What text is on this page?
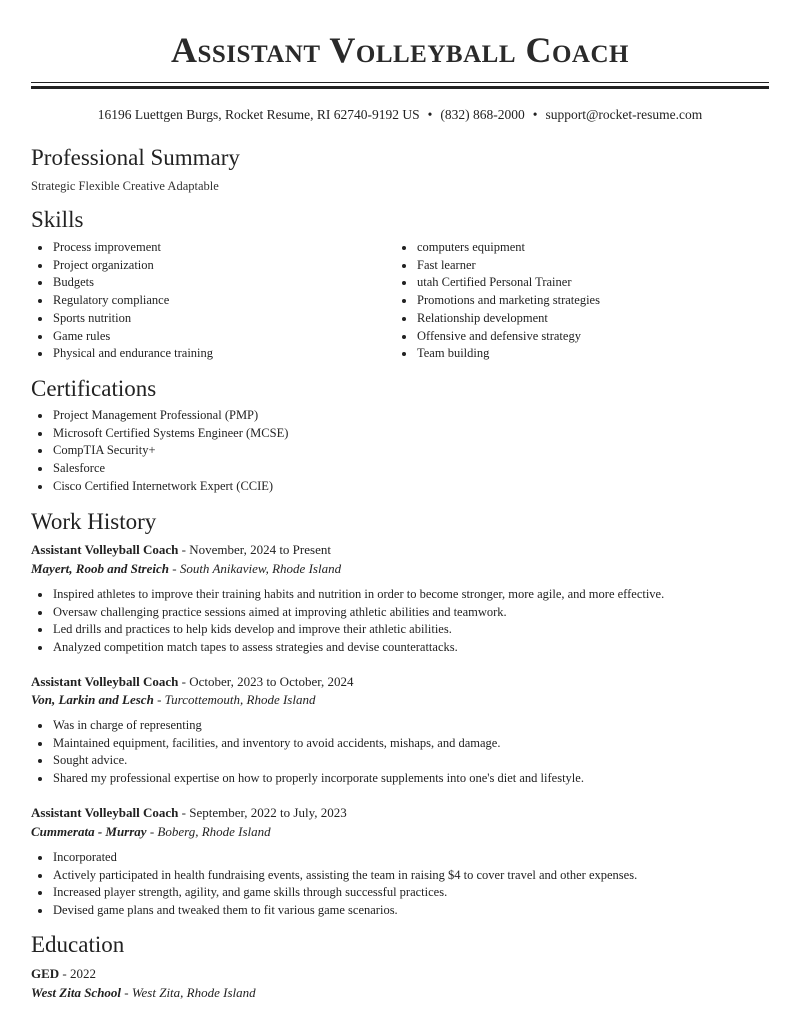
Assistant Volleyball Coach
16196 Luettgen Burgs, Rocket Resume, RI 62740-9192 US • (832) 868-2000 • support@rocket-resume.com
Professional Summary
Strategic Flexible Creative Adaptable
Skills
Process improvement
Project organization
Budgets
Regulatory compliance
Sports nutrition
Game rules
Physical and endurance training
computers equipment
Fast learner
utah Certified Personal Trainer
Promotions and marketing strategies
Relationship development
Offensive and defensive strategy
Team building
Certifications
Project Management Professional (PMP)
Microsoft Certified Systems Engineer (MCSE)
CompTIA Security+
Salesforce
Cisco Certified Internetwork Expert (CCIE)
Work History
Assistant Volleyball Coach - November, 2024 to Present
Mayert, Roob and Streich - South Anikaview, Rhode Island
Inspired athletes to improve their training habits and nutrition in order to become stronger, more agile, and more effective.
Oversaw challenging practice sessions aimed at improving athletic abilities and teamwork.
Led drills and practices to help kids develop and improve their athletic abilities.
Analyzed competition match tapes to assess strategies and devise counterattacks.
Assistant Volleyball Coach - October, 2023 to October, 2024
Von, Larkin and Lesch - Turcottemouth, Rhode Island
Was in charge of representing
Maintained equipment, facilities, and inventory to avoid accidents, mishaps, and damage.
Sought advice.
Shared my professional expertise on how to properly incorporate supplements into one's diet and lifestyle.
Assistant Volleyball Coach - September, 2022 to July, 2023
Cummerata - Murray - Boberg, Rhode Island
Incorporated
Actively participated in health fundraising events, assisting the team in raising $4 to cover travel and other expenses.
Increased player strength, agility, and game skills through successful practices.
Devised game plans and tweaked them to fit various game scenarios.
Education
GED - 2022
West Zita School - West Zita, Rhode Island
